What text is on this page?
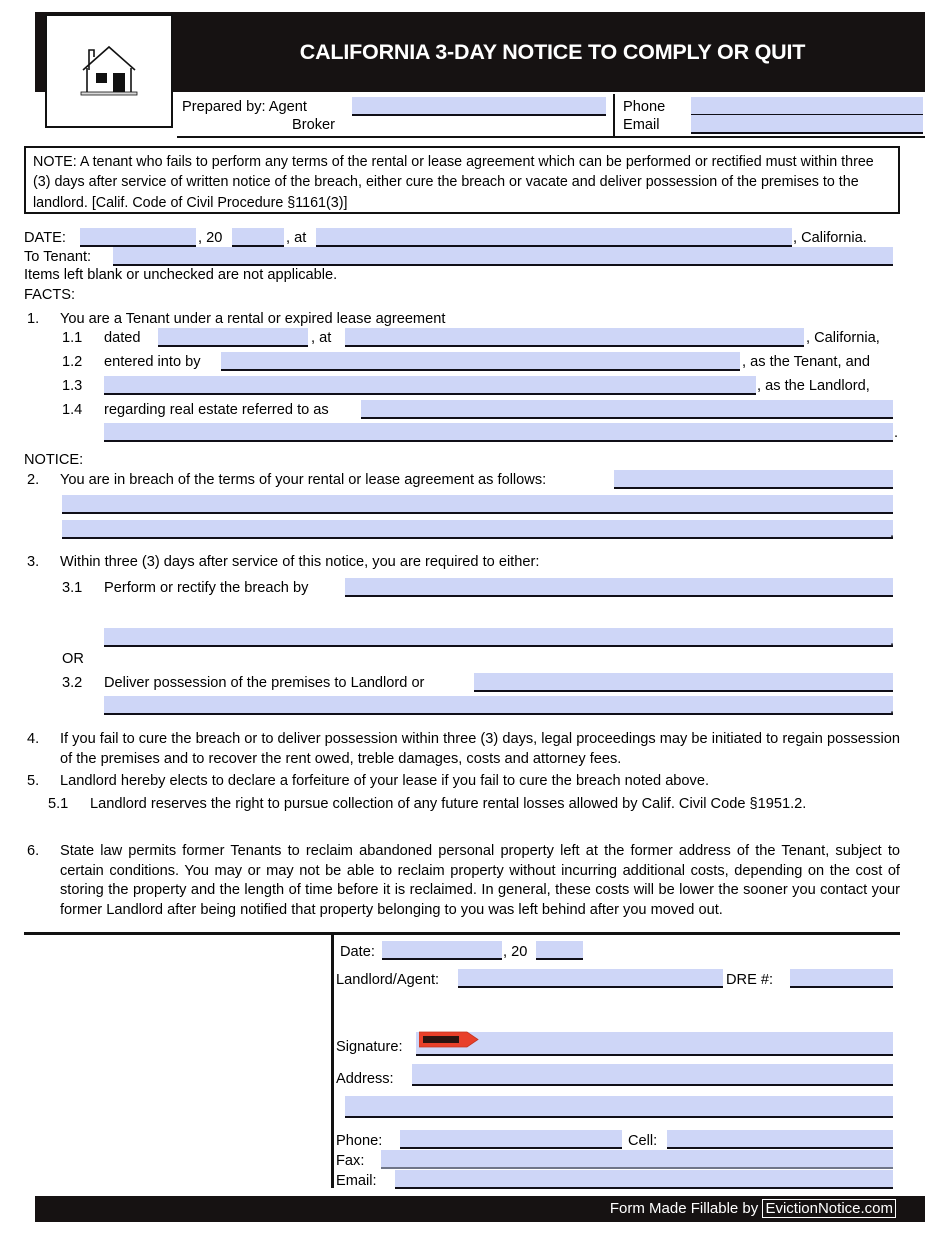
CALIFORNIA 3-DAY NOTICE TO COMPLY OR QUIT
Prepared by: Agent
Broker
Phone
Email
NOTE: A tenant who fails to perform any terms of the rental or lease agreement which can be performed or rectified must within three (3) days after service of written notice of the breach, either cure the breach or vacate and deliver possession of the premises to the landlord. [Calif. Code of Civil Procedure §1161(3)]
DATE:	, 20	, at	, California.
To Tenant:
Items left blank or unchecked are not applicable.
FACTS:
1. You are a Tenant under a rental or expired lease agreement
1.1 dated	, at	, California,
1.2 entered into by	, as the Tenant, and
1.3	, as the Landlord,
1.4 regarding real estate referred to as
.
NOTICE:
2. You are in breach of the terms of your rental or lease agreement as follows:
.
3. Within three (3) days after service of this notice, you are required to either:
3.1 Perform or rectify the breach by
.
OR
3.2 Deliver possession of the premises to Landlord or
.
4. If you fail to cure the breach or to deliver possession within three (3) days, legal proceedings may be initiated to regain possession of the premises and to recover the rent owed, treble damages, costs and attorney fees.
5. Landlord hereby elects to declare a forfeiture of your lease if you fail to cure the breach noted above.
5.1 Landlord reserves the right to pursue collection of any future rental losses allowed by Calif. Civil Code §1951.2.
6. State law permits former Tenants to reclaim abandoned personal property left at the former address of the Tenant, subject to certain conditions. You may or may not be able to reclaim property without incurring additional costs, depending on the cost of storing the property and the length of time before it is reclaimed. In general, these costs will be lower the sooner you contact your former Landlord after being notified that property belonging to you was left behind after you moved out.
Date:	, 20
Landlord/Agent:	DRE #:
Signature:
Address:
Phone:	Cell:
Fax:
Email:
Form Made Fillable by EvictionNotice.com
